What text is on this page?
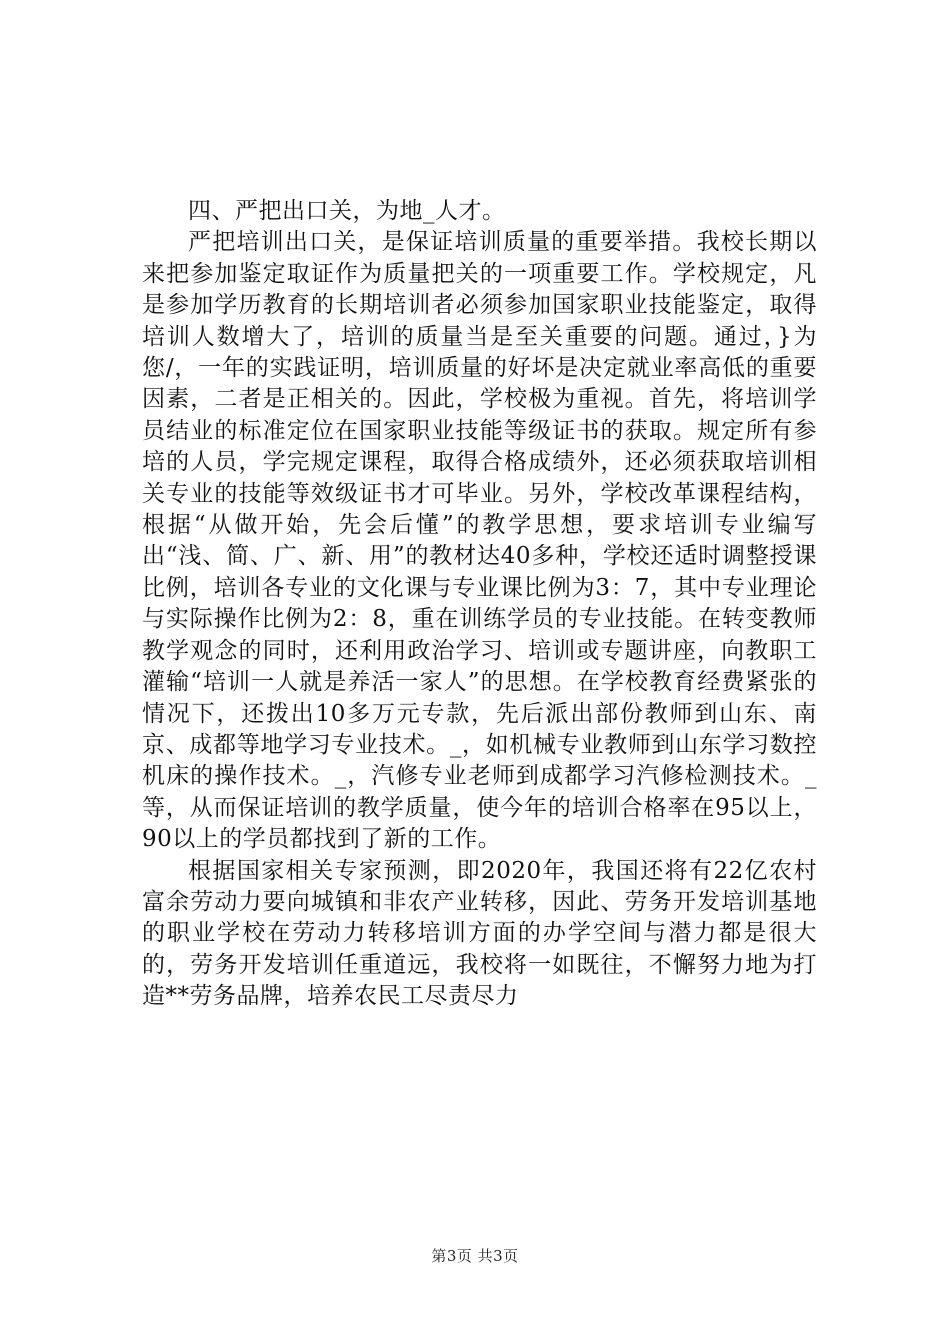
四、严把出口关，为地_人才。

严把培训出口关，是保证培训质量的重要举措。我校长期以来把参加鉴定取证作为质量把关的一项重要工作。学校规定，凡是参加学历教育的长期培训者必须参加国家职业技能鉴定，取得培训人数增大了，培训的质量当是至关重要的问题。通过，}为您/，一年的实践证明，培训质量的好坏是决定就业率高低的重要因素，二者是正相关的。因此，学校极为重视。首先，将培训学员结业的标准定位在国家职业技能等级证书的获取。规定所有参培的人员，学完规定课程，取得合格成绩外，还必须获取培训相关专业的技能等效级证书才可毕业。另外，学校改革课程结构，根据“从做开始，先会后懂”的教学思想，要求培训专业编写出“浅、简、广、新、用”的教材达40多种，学校还适时调整授课比例，培训各专业的文化课与专业课比例为3：7，其中专业理论与实际操作比例为2：8，重在训练学员的专业技能。在转变教师教学观念的同时，还利用政治学习、培训或专题讲座，向教职工灌输“培训一人就是养活一家人”的思想。在学校教育经费紧张的情况下，还拨出10多万元专款，先后派出部份教师到山东、南京、成都等地学习专业技术。_，如机械专业教师到山东学习数控机床的操作技术。_，汽修专业老师到成都学习汽修检测技术。_等，从而保证培训的教学质量，使今年的培训合格率在95以上，90以上的学员都找到了新的工作。

根据国家相关专家预测，即2020年，我国还将有22亿农村富余劳动力要向城镇和非农产业转移，因此、劳务开发培训基地的职业学校在劳动力转移培训方面的办学空间与潜力都是很大的，劳务开发培训任重道远，我校将一如既往，不懈努力地为打造**劳务品牌，培养农民工尽责尽力

第3页 共3页
